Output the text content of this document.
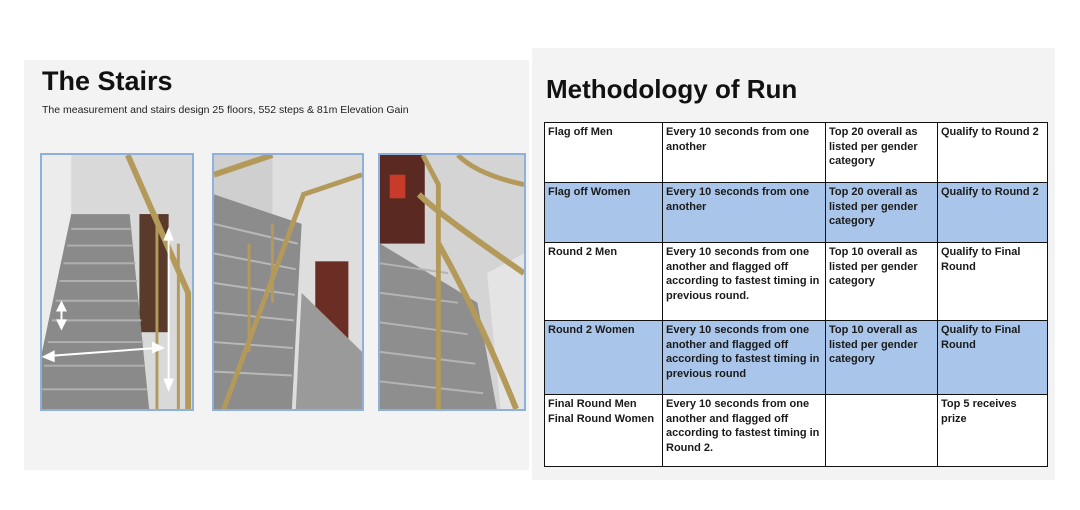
The Stairs

The measurement and stairs design 25 floors, 552 steps & 81m Elevation Gain

Methodology of Run
Flag off Men	Every 10 seconds from one another	Top 20 overall as listed per gender category	Qualify to Round 2
Flag off Women	Every 10 seconds from one another	Top 20 overall as listed per gender category	Qualify to Round 2
Round 2 Men	Every 10 seconds from one another and flagged off according to fastest timing in previous round.	Top 10 overall as listed per gender category	Qualify to Final Round
Round 2 Women	Every 10 seconds from one another and flagged off according to fastest timing in previous round	Top 10 overall as listed per gender category	Qualify to Final Round
Final Round Men Final Round Women	Every 10 seconds from one another and flagged off according to fastest timing in Round 2.		Top 5 receives prize
